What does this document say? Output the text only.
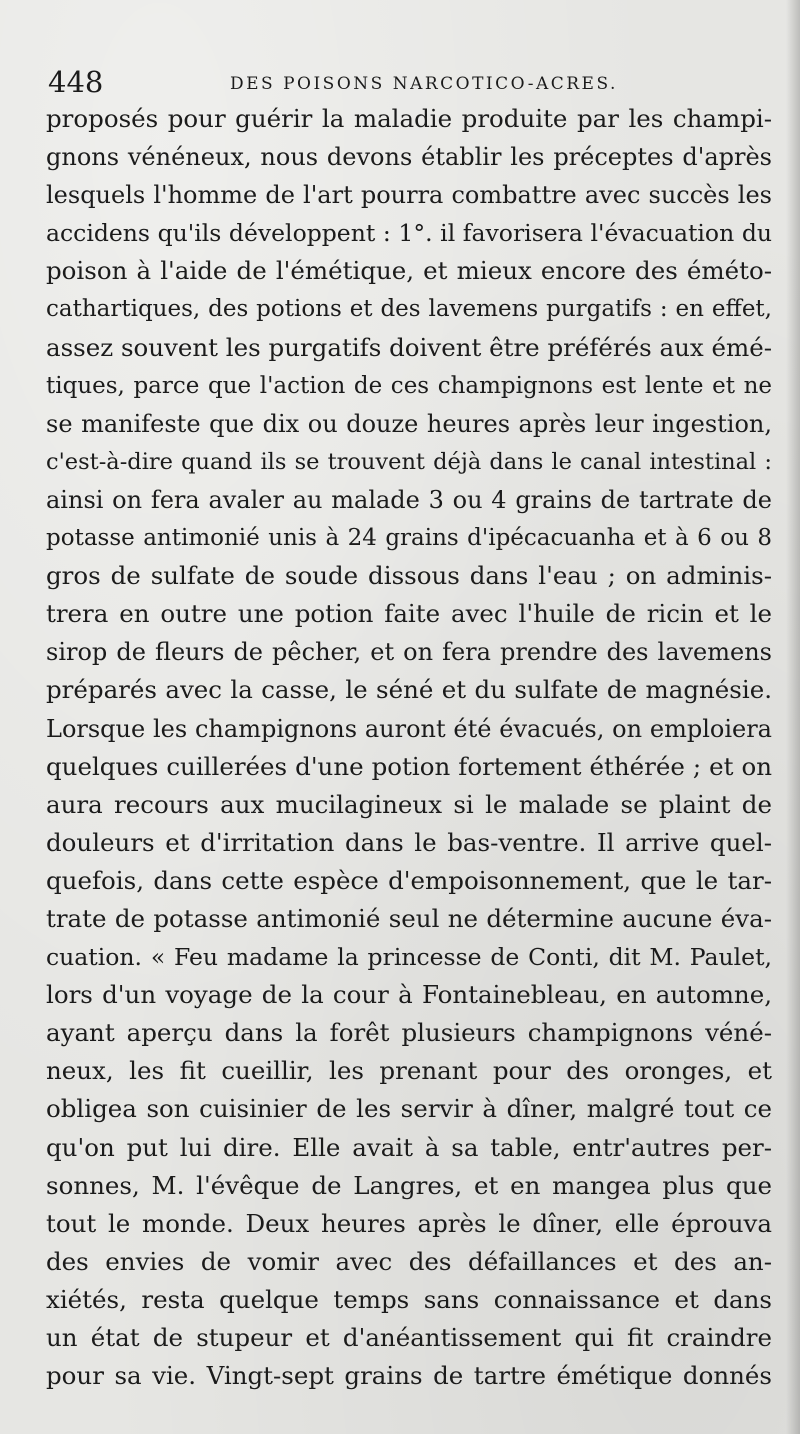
448	DES POISONS NARCOTICO-ACRES.
proposés pour guérir la maladie produite par les champi-
gnons vénéneux, nous devons établir les préceptes d'après
lesquels l'homme de l'art pourra combattre avec succès les
accidens qu'ils développent : 1°. il favorisera l'évacuation du
poison à l'aide de l'émétique, et mieux encore des éméto-
cathartiques, des potions et des lavemens purgatifs : en effet,
assez souvent les purgatifs doivent être préférés aux émé-
tiques, parce que l'action de ces champignons est lente et ne
se manifeste que dix ou douze heures après leur ingestion,
c'est-à-dire quand ils se trouvent déjà dans le canal intestinal :
ainsi on fera avaler au malade 3 ou 4 grains de tartrate de
potasse antimonié unis à 24 grains d'ipécacuanha et à 6 ou 8
gros de sulfate de soude dissous dans l'eau ; on adminis-
trera en outre une potion faite avec l'huile de ricin et le
sirop de fleurs de pêcher, et on fera prendre des lavemens
préparés avec la casse, le séné et du sulfate de magnésie.
Lorsque les champignons auront été évacués, on emploiera
quelques cuillerées d'une potion fortement éthérée ; et on
aura recours aux mucilagineux si le malade se plaint de
douleurs et d'irritation dans le bas-ventre. Il arrive quel-
quefois, dans cette espèce d'empoisonnement, que le tar-
trate de potasse antimonié seul ne détermine aucune éva-
cuation. « Feu madame la princesse de Conti, dit M. Paulet,
lors d'un voyage de la cour à Fontainebleau, en automne,
ayant aperçu dans la forêt plusieurs champignons véné-
neux, les fit cueillir, les prenant pour des oronges, et
obligea son cuisinier de les servir à dîner, malgré tout ce
qu'on put lui dire. Elle avait à sa table, entr'autres per-
sonnes, M. l'évêque de Langres, et en mangea plus que
tout le monde. Deux heures après le dîner, elle éprouva
des envies de vomir avec des défaillances et des an-
xiétés, resta quelque temps sans connaissance et dans
un état de stupeur et d'anéantissement qui fit craindre
pour sa vie. Vingt-sept grains de tartre émétique donnés
